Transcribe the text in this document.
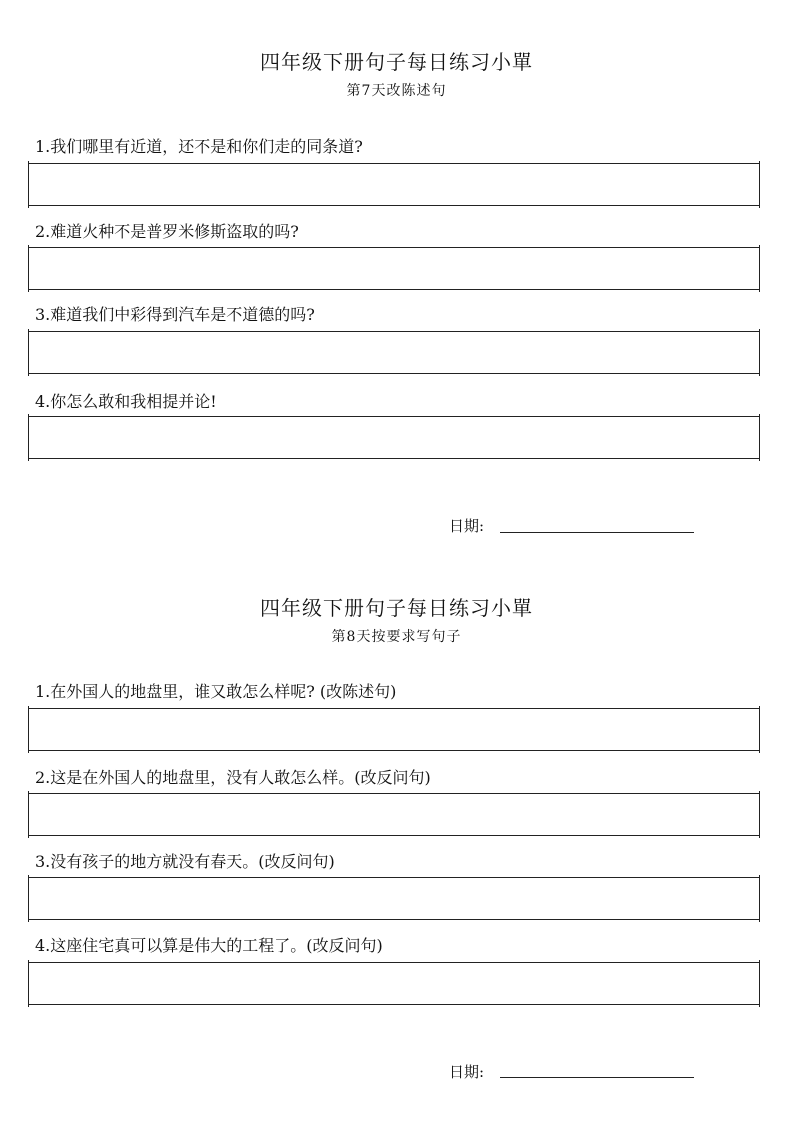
四年级下册句子每日练习小單
第7天改陈述句
1.我们哪里有近道，还不是和你们走的同条道?
2.难道火种不是普罗米修斯盗取的吗?
3.难道我们中彩得到汽车是不道德的吗?
4.你怎么敢和我相提并论!
日期:
四年级下册句子每日练习小單
第8天按要求写句子
1.在外国人的地盘里，谁又敢怎么样呢? (改陈述句)
2.这是在外国人的地盘里，没有人敢怎么样。(改反问句)
3.没有孩子的地方就没有春天。(改反问句)
4.这座住宅真可以算是伟大的工程了。(改反问句)
日期:
